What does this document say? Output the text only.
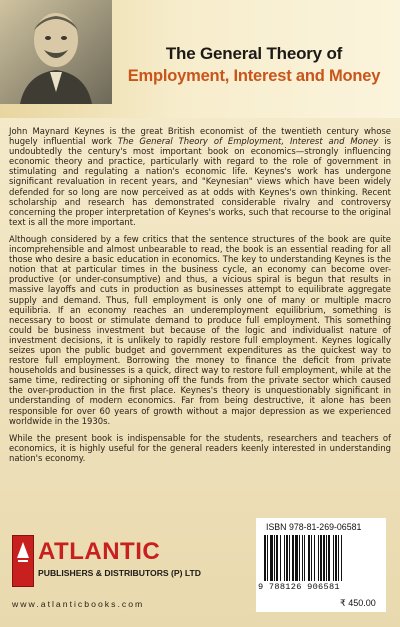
The General Theory of
Employment, Interest and Money

John Maynard Keynes is the great British economist of the twentieth century whose hugely influential work The General Theory of Employment, Interest and Money is undoubtedly the century's most important book on economics—strongly influencing economic theory and practice, particularly with regard to the role of government in stimulating and regulating a nation's economic life. Keynes's work has undergone significant revaluation in recent years, and "Keynesian" views which have been widely defended for so long are now perceived as at odds with Keynes's own thinking. Recent scholarship and research has demonstrated considerable rivalry and controversy concerning the proper interpretation of Keynes's works, such that recourse to the original text is all the more important.

Although considered by a few critics that the sentence structures of the book are quite incomprehensible and almost unbearable to read, the book is an essential reading for all those who desire a basic education in economics. The key to understanding Keynes is the notion that at particular times in the business cycle, an economy can become over-productive (or under-consumptive) and thus, a vicious spiral is begun that results in massive layoffs and cuts in production as businesses attempt to equilibrate aggregate supply and demand. Thus, full employment is only one of many or multiple macro equilibria. If an economy reaches an underemployment equilibrium, something is necessary to boost or stimulate demand to produce full employment. This something could be business investment but because of the logic and individualist nature of investment decisions, it is unlikely to rapidly restore full employment. Keynes logically seizes upon the public budget and government expenditures as the quickest way to restore full employment. Borrowing the money to finance the deficit from private households and businesses is a quick, direct way to restore full employment, while at the same time, redirecting or siphoning off the funds from the private sector which caused the over-production in the first place. Keynes's theory is unquestionably significant in understanding of modern economics. Far from being destructive, it alone has been responsible for over 60 years of growth without a major depression as we experienced worldwide in the 1930s.

While the present book is indispensable for the students, researchers and teachers of economics, it is highly useful for the general readers keenly interested in understanding nation's economy.

ATLANTIC
PUBLISHERS & DISTRIBUTORS (P) LTD
www.atlanticbooks.com
ISBN 978-81-269-06581
9 788126 906581
₹ 450.00
